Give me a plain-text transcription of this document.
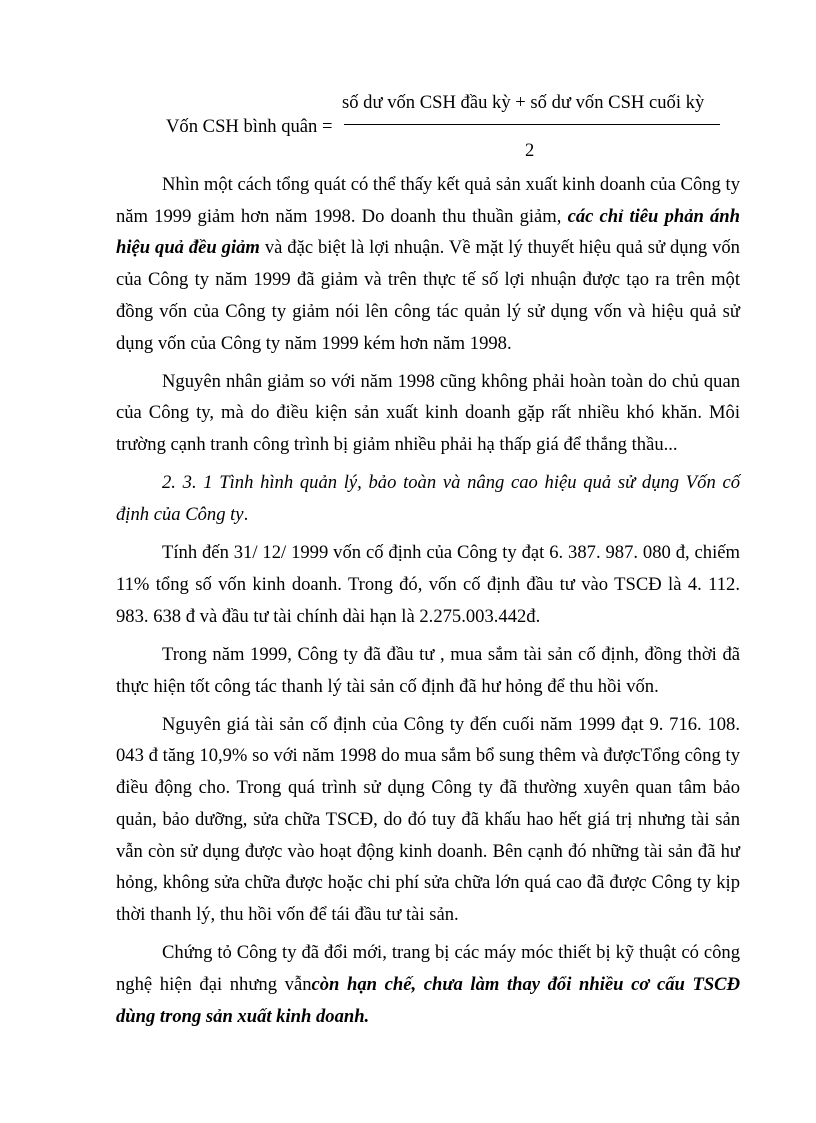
Vốn CSH bình quân =
số dư vốn CSH đầu kỳ + số dư vốn CSH cuối kỳ
2

Nhìn một cách tổng quát có thể thấy kết quả sản xuất kinh doanh của Công ty năm 1999 giảm hơn năm 1998. Do doanh thu thuần giảm, các chỉ tiêu phản ánh hiệu quả đều giảm và đặc biệt là lợi nhuận. Về mặt lý thuyết hiệu quả sử dụng vốn của Công ty năm 1999 đã giảm và trên thực tế số lợi nhuận được tạo ra trên một đồng vốn của Công ty giảm nói lên công tác quản lý sử dụng vốn và hiệu quả sử dụng vốn của Công ty năm 1999 kém hơn năm 1998.

Nguyên nhân giảm so với năm 1998 cũng không phải hoàn toàn do chủ quan của Công ty, mà do điều kiện sản xuất kinh doanh gặp rất nhiều khó khăn. Môi trường cạnh tranh công trình bị giảm nhiều phải hạ thấp giá để thắng thầu...

2. 3. 1 Tình hình quản lý, bảo toàn và nâng cao hiệu quả sử dụng Vốn cố định của Công ty.

Tính đến 31/ 12/ 1999 vốn cố định của Công ty đạt 6. 387. 987. 080 đ, chiếm 11% tổng số vốn kinh doanh. Trong đó, vốn cố định đầu tư vào TSCĐ là 4. 112. 983. 638 đ và đầu tư tài chính dài hạn là 2.275.003.442đ.

Trong năm 1999, Công ty đã đầu tư , mua sắm tài sản cố định, đồng thời đã thực hiện tốt công tác thanh lý tài sản cố định đã hư hỏng để thu hồi vốn.

Nguyên giá tài sản cố định của Công ty đến cuối năm 1999 đạt 9. 716. 108. 043 đ tăng 10,9% so với năm 1998 do mua sắm bổ sung thêm và đượcTổng công ty điều động cho. Trong quá trình sử dụng Công ty đã thường xuyên quan tâm bảo quản, bảo dưỡng, sửa chữa TSCĐ, do đó tuy đã khấu hao hết giá trị nhưng tài sản vẫn còn sử dụng được vào hoạt động kinh doanh. Bên cạnh đó những tài sản đã hư hỏng, không sửa chữa được hoặc chi phí sửa chữa lớn quá cao đã được Công ty kịp thời thanh lý, thu hồi vốn để tái đầu tư tài sản.

Chứng tỏ Công ty đã đổi mới, trang bị các máy móc thiết bị kỹ thuật có công nghệ hiện đại nhưng vẫncòn hạn chế, chưa làm thay đổi nhiều cơ cấu TSCĐ dùng trong sản xuất kinh doanh.
